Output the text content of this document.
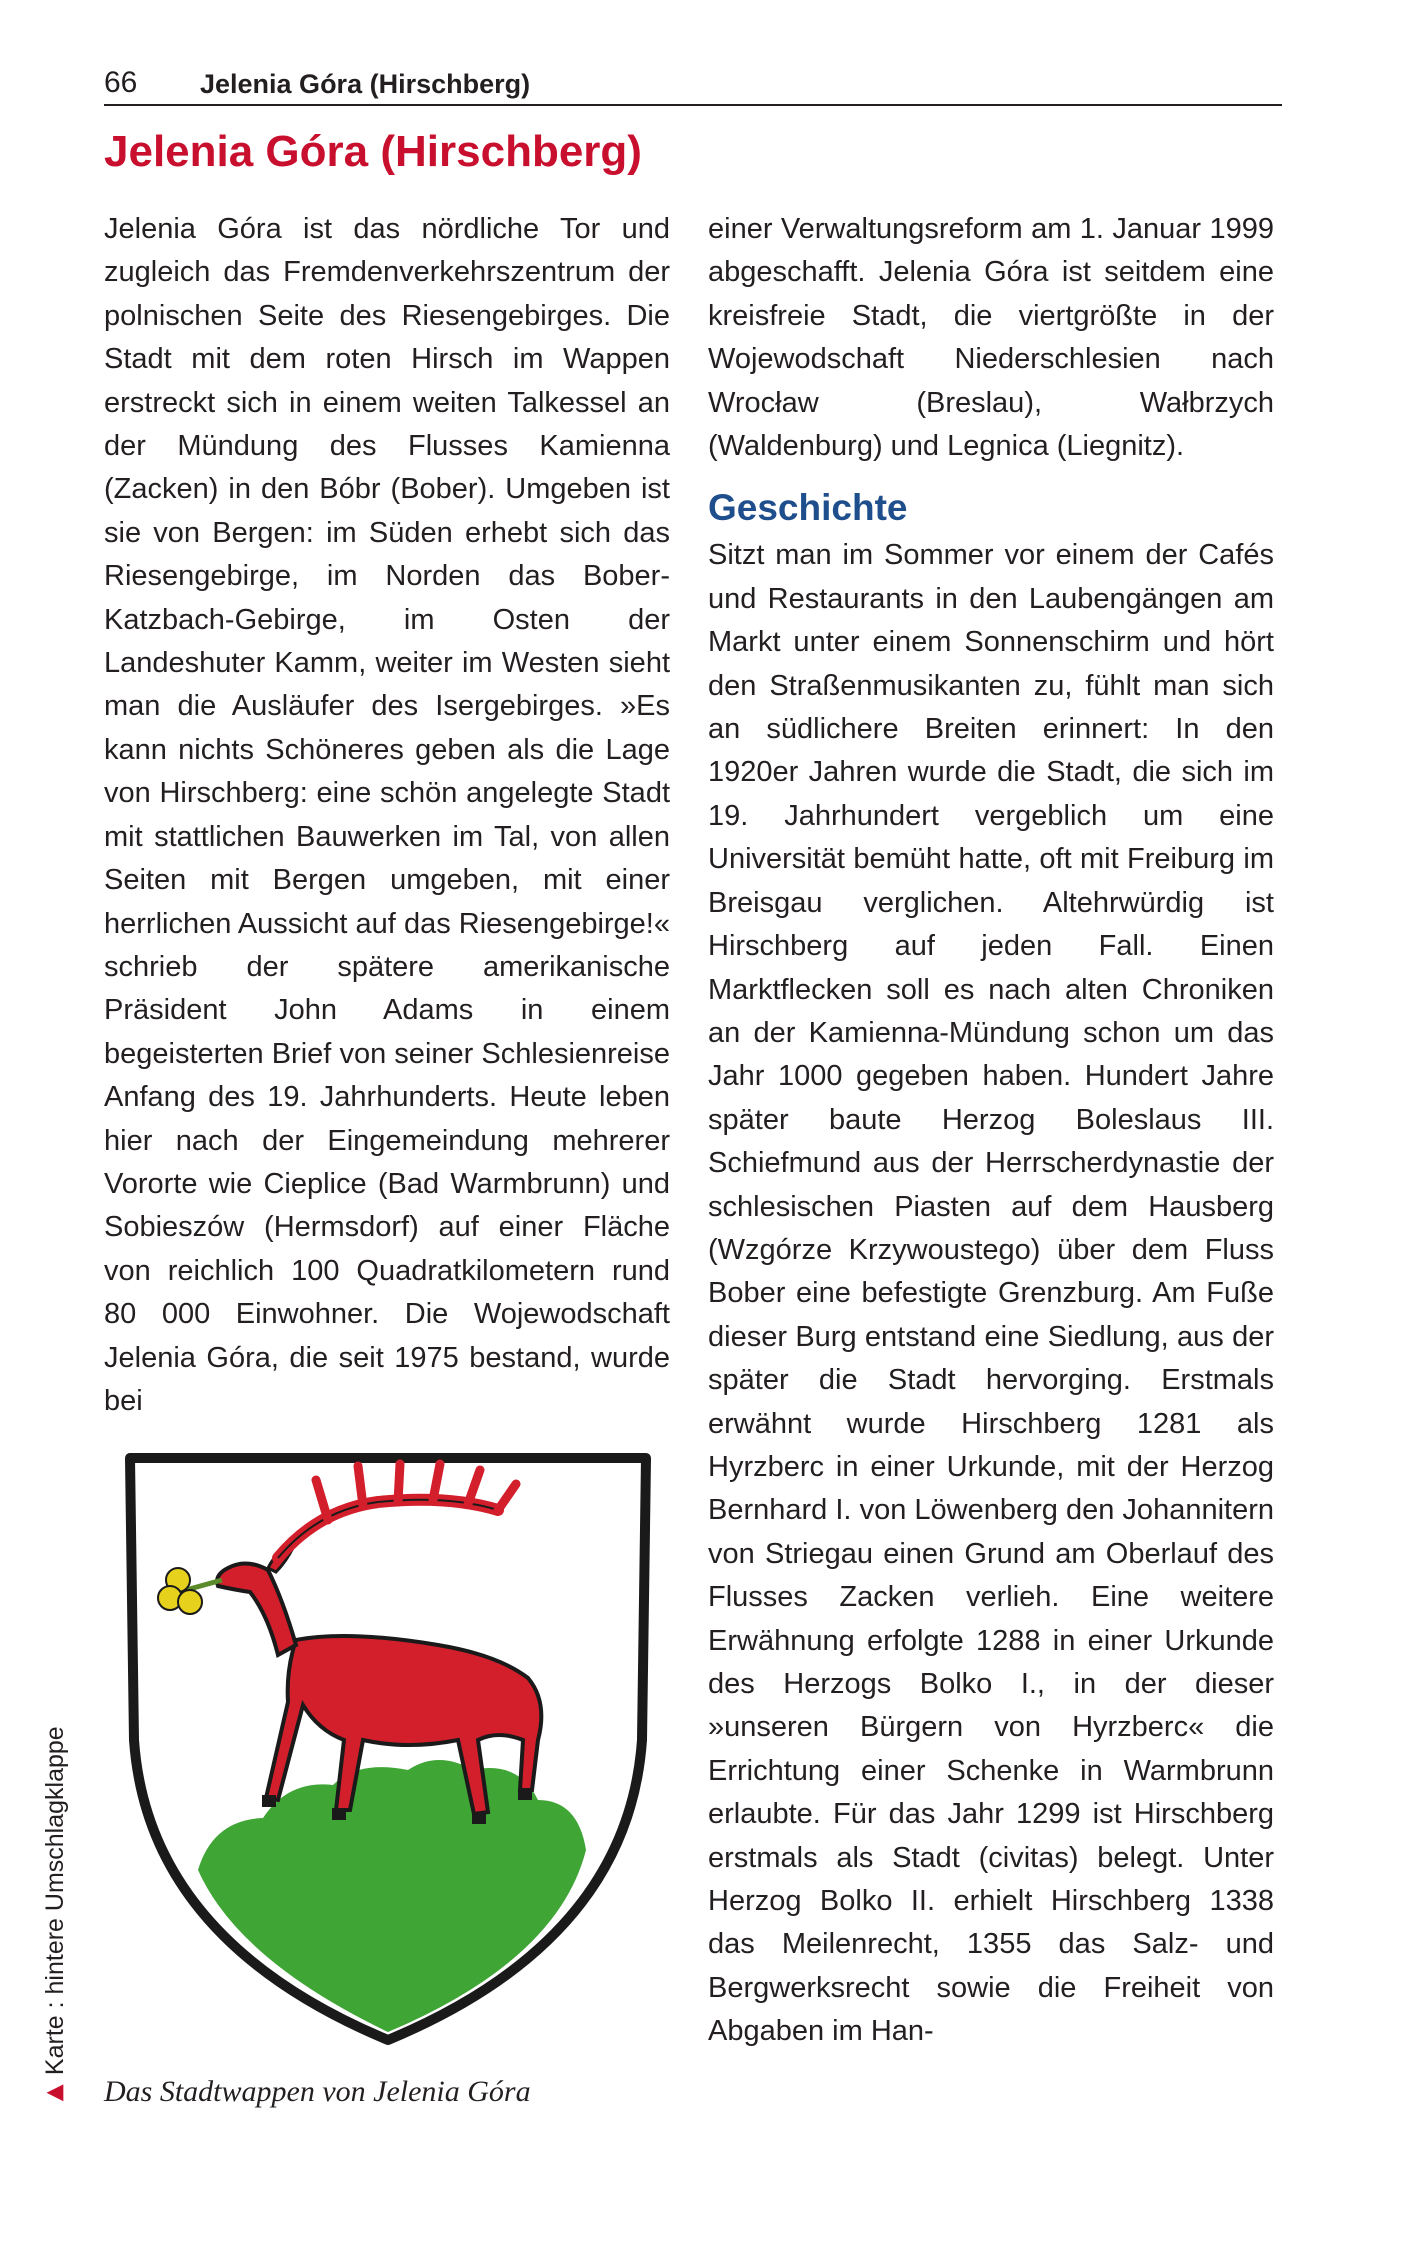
66 Jelenia Góra (Hirschberg)
Jelenia Góra (Hirschberg)

Jelenia Góra ist das nördliche Tor und zugleich das Fremdenverkehrszentrum der polnischen Seite des Riesengebirges. Die Stadt mit dem roten Hirsch im Wappen erstreckt sich in einem weiten Talkessel an der Mündung des Flusses Kamienna (Zacken) in den Bóbr (Bober). Umgeben ist sie von Bergen: im Süden erhebt sich das Riesengebirge, im Norden das Bober-Katzbach-Gebirge, im Osten der Landeshuter Kamm, weiter im Westen sieht man die Ausläufer des Isergebirges. »Es kann nichts Schöneres geben als die Lage von Hirschberg: eine schön angelegte Stadt mit stattlichen Bauwerken im Tal, von allen Seiten mit Bergen umgeben, mit einer herrlichen Aussicht auf das Riesengebirge!« schrieb der spätere amerikanische Präsident John Adams in einem begeisterten Brief von seiner Schlesienreise Anfang des 19. Jahrhunderts. Heute leben hier nach der Eingemeindung mehrerer Vororte wie Cieplice (Bad Warmbrunn) und Sobieszów (Hermsdorf) auf einer Fläche von reichlich 100 Quadratkilometern rund 80 000 Einwohner. Die Wojewodschaft Jelenia Góra, die seit 1975 bestand, wurde bei

einer Verwaltungsreform am 1. Januar 1999 abgeschafft. Jelenia Góra ist seitdem eine kreisfreie Stadt, die viertgrößte in der Wojewodschaft Niederschlesien nach Wrocław (Breslau), Wałbrzych (Waldenburg) und Legnica (Liegnitz).

Geschichte

Sitzt man im Sommer vor einem der Cafés und Restaurants in den Laubengängen am Markt unter einem Sonnenschirm und hört den Straßenmusikanten zu, fühlt man sich an südlichere Breiten erinnert: In den 1920er Jahren wurde die Stadt, die sich im 19. Jahrhundert vergeblich um eine Universität bemüht hatte, oft mit Freiburg im Breisgau verglichen. Altehrwürdig ist Hirschberg auf jeden Fall. Einen Marktflecken soll es nach alten Chroniken an der Kamienna-Mündung schon um das Jahr 1000 gegeben haben. Hundert Jahre später baute Herzog Boleslaus III. Schiefmund aus der Herrscherdynastie der schlesischen Piasten auf dem Hausberg (Wzgórze Krzywoustego) über dem Fluss Bober eine befestigte Grenzburg. Am Fuße dieser Burg entstand eine Siedlung, aus der später die Stadt hervorging. Erstmals erwähnt wurde Hirschberg 1281 als Hyrzberc in einer Urkunde, mit der Herzog Bernhard I. von Löwenberg den Johannitern von Striegau einen Grund am Oberlauf des Flusses Zacken verlieh. Eine weitere Erwähnung erfolgte 1288 in einer Urkunde des Herzogs Bolko I., in der dieser »unseren Bürgern von Hyrzberc« die Errichtung einer Schenke in Warmbrunn erlaubte. Für das Jahr 1299 ist Hirschberg erstmals als Stadt (civitas) belegt. Unter Herzog Bolko II. erhielt Hirschberg 1338 das Meilenrecht, 1355 das Salz- und Bergwerksrecht sowie die Freiheit von Abgaben im Han-

Das Stadtwappen von Jelenia Góra
◀
Karte : hintere Umschlagklappe
